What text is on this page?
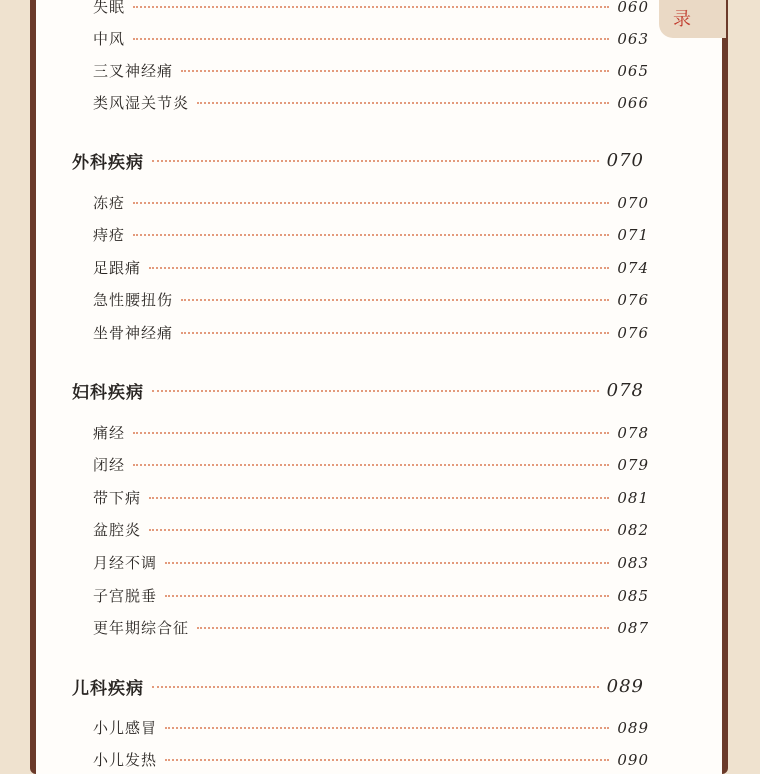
录
失眠	060
中风	063
三叉神经痛	065
类风湿关节炎	066
外科疾病	070
冻疮	070
痔疮	071
足跟痛	074
急性腰扭伤	076
坐骨神经痛	076
妇科疾病	078
痛经	078
闭经	079
带下病	081
盆腔炎	082
月经不调	083
子宫脱垂	085
更年期综合征	087
儿科疾病	089
小儿感冒	089
小儿发热	090
